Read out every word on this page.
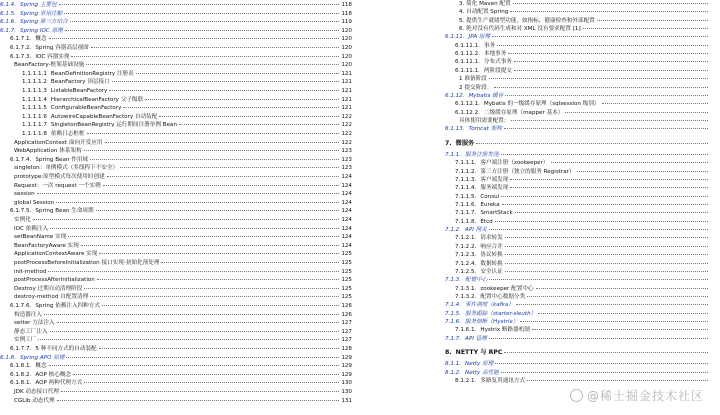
6.1.4. Spring 主要包	118
6.1.5. Spring 常用注解	118
6.1.6. Spring 第三方结合	119
6.1.7. Spring IOC 原理	120
6.1.7.1. 概念	120
6.1.7.2. Spring 容器高层视图	120
6.1.7.3. IOC 容器实现	120
BeanFactory-框架基础设施	120
1.1.1.1.1 BeanDefinitionRegistry 注册表	121
1.1.1.1.2 BeanFactory 顶层接口	121
1.1.1.1.3 ListableBeanFactory	121
1.1.1.1.4 HierarchicalBeanFactory 父子级联	121
1.1.1.1.5 ConfigurableBeanFactory	121
1.1.1.1.6 AutowireCapableBeanFactory 自动装配	122
1.1.1.1.7 SingletonBeanRegistry 运行期间注册单例 Bean	122
1.1.1.1.8 依赖日志框框	122
ApplicationContext 面向开发应用	122
WebApplication 体系架构	123
6.1.7.4. Spring Bean 作用域	123
singleton：单例模式（多线程下不安全）	123
prototype:原型模式每次使用时创建	124
Request：一次 request 一个实例	124
session	124
global Session	124
6.1.7.5. Spring Bean 生命周期	124
实例化	124
IOC 依赖注入	124
setBeanName 实现	124
BeanFactoryAware 实现	124
ApplicationContextAware 实现	125
postProcessBeforeInitialization 接口实现-初始化预处理	125
init-method	125
postProcessAfterInitialization	125
Destroy 过期自动清理阶段	125
destroy-method 自配置清理	125
6.1.7.6. Spring 依赖注入四种方式	126
构造器注入	126
setter 方法注入	127
静态工厂注入	127
实例工厂	127
6.1.7.7. 5 种不同方式的自动装配	128
6.1.8. Spring APO 原理	129
6.1.8.1. 概念	129
6.1.8.2. AOP 核心概念	129
6.1.8.1. AOP 两种代理方式	130
JDK 动态接口代理	130
CGLib 动态代理	131
3. 简化 Maven 配置
4. 自动配置 Spring
5. 提供生产就绪型功能，如指标，健康检查和外部配置
6. 绝对没有代码生成和对 XML 没有要求配置 [1]
6.1.11. JPA 原理
6.1.11.1. 事务
6.1.11.2. 本地事务
6.1.11.1. 分布式事务
6.1.11.1. 两阶段提交
1 准备阶段
2 提交阶段：
6.1.12. Mybatis 缓存
6.1.12.1. Mybatis 的一级缓存原理（sqlsession 级别）
6.1.12.2. 二级缓存原理（mapper 基本）
具体使用需要配置：
6.1.13. Tomcat 架构
7. 微服务
7.1.1. 服务注册发现
7.1.1.1. 客户端注册（zookeeper）
7.1.1.2. 第三方注册（独立的服务 Registrar）
7.1.1.3. 客户端发现
7.1.1.4. 服务端发现
7.1.1.5. Consul
7.1.1.6. Eureka
7.1.1.7. SmartStack
7.1.1.8. Etcd
7.1.2. API 网关
7.1.2.1. 请求转发
7.1.2.2. 响应合并
7.1.2.3. 协议转换
7.1.2.4. 数据转换
7.1.2.5. 安全认证
7.1.3. 配置中心
7.1.3.1. zookeeper 配置中心
7.1.3.2. 配置中心数据分类
7.1.4. 事件调度（kafka）
7.1.5. 服务跟踪（starter-sleuth）
7.1.6. 服务熔断（Hystrix）
7.1.6.1. Hystrix 断路器机制
7.1.7. API 管理
8. NETTY 与 RPC
8.1.1. Netty 原理
8.1.2. Netty 高性能
8.1.2.1. 多路复用通讯方式
@稀土掘金技术社区
